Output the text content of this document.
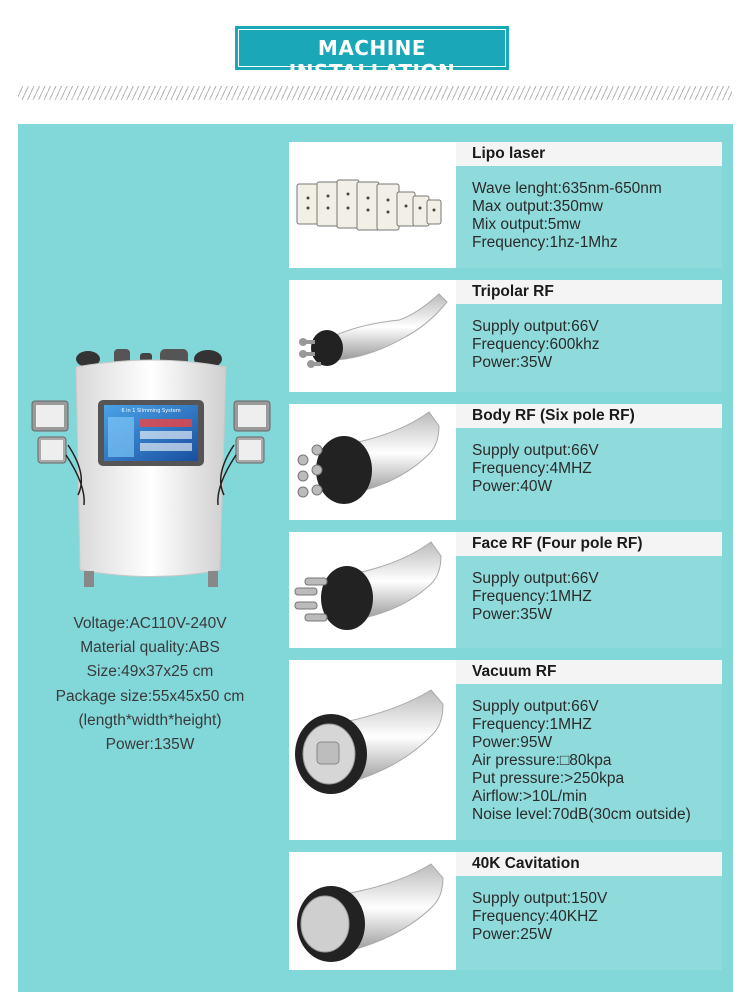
MACHINE INSTALLATION
6 in 1 Slimming System
Voltage:AC110V-240V
Material quality:ABS
Size:49x37x25 cm
Package size:55x45x50 cm
(length*width*height)
Power:135W
Lipo laser
Wave lenght:635nm-650nm
Max output:350mw
Mix output:5mw
Frequency:1hz-1Mhz
Tripolar RF
Supply output:66V
Frequency:600khz
Power:35W
Body RF (Six pole RF)
Supply output:66V
Frequency:4MHZ
Power:40W
Face RF (Four pole RF)
Supply output:66V
Frequency:1MHZ
Power:35W
Vacuum RF
Supply output:66V
Frequency:1MHZ
Power:95W
Air pressure:□80kpa
Put pressure:>250kpa
Airflow:>10L/min
Noise level:70dB(30cm outside)
40K Cavitation
Supply output:150V
Frequency:40KHZ
Power:25W
